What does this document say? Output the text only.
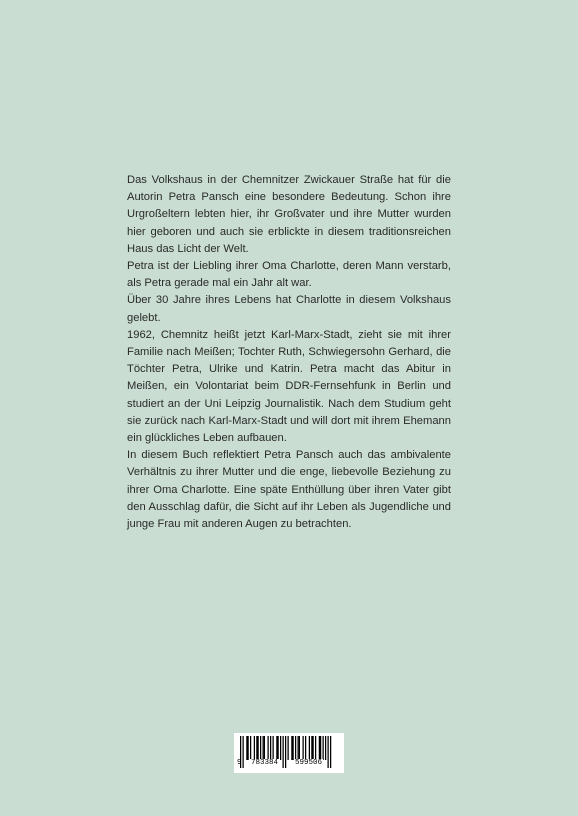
Das Volkshaus in der Chemnitzer Zwickauer Straße hat für die Autorin Petra Pansch eine besondere Bedeutung. Schon ihre Urgroßeltern lebten hier, ihr Großvater und ihre Mutter wurden hier geboren und auch sie erblickte in diesem traditionsreichen Haus das Licht der Welt.

Petra ist der Liebling ihrer Oma Charlotte, deren Mann verstarb, als Petra gerade mal ein Jahr alt war.

Über 30 Jahre ihres Lebens hat Charlotte in diesem Volkshaus gelebt.

1962, Chemnitz heißt jetzt Karl-Marx-Stadt, zieht sie mit ihrer Familie nach Meißen; Tochter Ruth, Schwiegersohn Gerhard, die Töchter Petra, Ulrike und Katrin. Petra macht das Abitur in Meißen, ein Volontariat beim DDR-Fernsehfunk in Berlin und studiert an der Uni Leipzig Journalistik. Nach dem Studium geht sie zurück nach Karl-Marx-Stadt und will dort mit ihrem Ehemann ein glückliches Leben aufbauen.

In diesem Buch reflektiert Petra Pansch auch das ambivalente Verhältnis zu ihrer Mutter und die enge, liebevolle Beziehung zu ihrer Oma Charlotte. Eine späte Enthüllung über ihren Vater gibt den Ausschlag dafür, die Sicht auf ihr Leben als Jugendliche und junge Frau mit anderen Augen zu betrachten.

9 783384 599506
